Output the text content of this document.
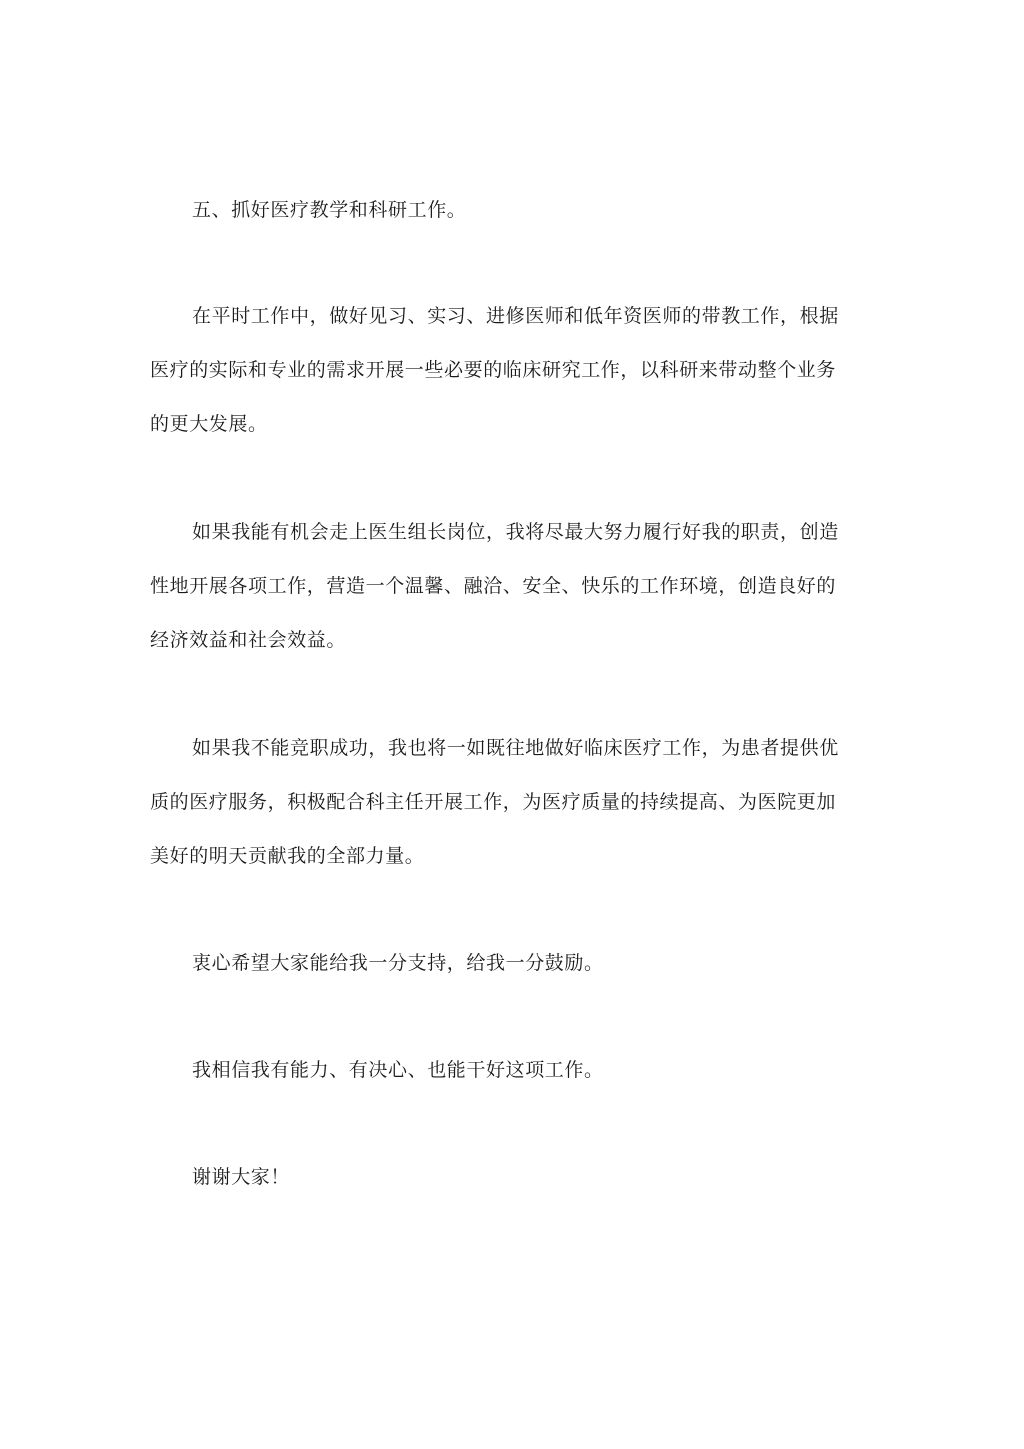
五、抓好医疗教学和科研工作。
在平时工作中，做好见习、实习、进修医师和低年资医师的带教工作，根据
医疗的实际和专业的需求开展一些必要的临床研究工作，以科研来带动整个业务
的更大发展。
如果我能有机会走上医生组长岗位，我将尽最大努力履行好我的职责，创造
性地开展各项工作，营造一个温馨、融洽、安全、快乐的工作环境，创造良好的
经济效益和社会效益。
如果我不能竞职成功，我也将一如既往地做好临床医疗工作，为患者提供优
质的医疗服务，积极配合科主任开展工作，为医疗质量的持续提高、为医院更加
美好的明天贡献我的全部力量。
衷心希望大家能给我一分支持，给我一分鼓励。
我相信我有能力、有决心、也能干好这项工作。
谢谢大家！
